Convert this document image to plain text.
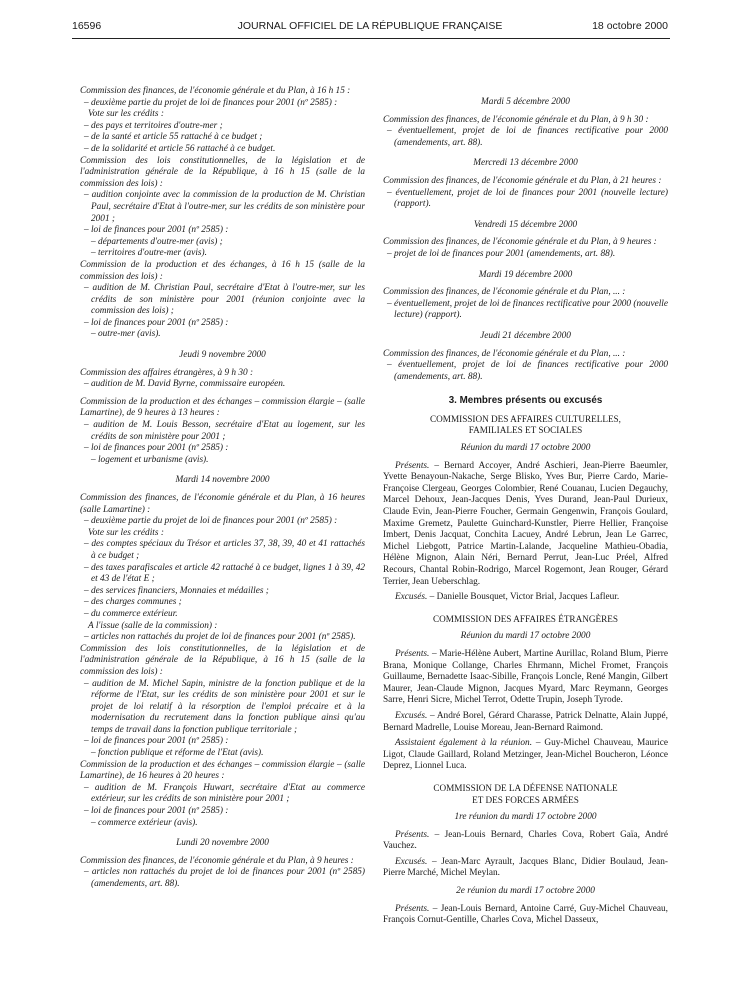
16596	JOURNAL OFFICIEL DE LA RÉPUBLIQUE FRANÇAISE	18 octobre 2000

Commission des finances, de l'économie générale et du Plan, à 16 h 15 :

– deuxième partie du projet de loi de finances pour 2001 (nº 2585) :

Vote sur les crédits :

– des pays et territoires d'outre-mer ;

– de la santé et article 55 rattaché à ce budget ;

– de la solidarité et article 56 rattaché à ce budget.

Commission des lois constitutionnelles, de la législation et de l'administration générale de la République, à 16 h 15 (salle de la commission des lois) :

– audition conjointe avec la commission de la production de M. Christian Paul, secrétaire d'Etat à l'outre-mer, sur les crédits de son ministère pour 2001 ;

– loi de finances pour 2001 (nº 2585) :

– départements d'outre-mer (avis) ;

– territoires d'outre-mer (avis).

Commission de la production et des échanges, à 16 h 15 (salle de la commission des lois) :

– audition de M. Christian Paul, secrétaire d'Etat à l'outre-mer, sur les crédits de son ministère pour 2001 (réunion conjointe avec la commission des lois) ;

– loi de finances pour 2001 (nº 2585) :

– outre-mer (avis).

Jeudi 9 novembre 2000

Commission des affaires étrangères, à 9 h 30 :

– audition de M. David Byrne, commissaire européen.

Commission de la production et des échanges – commission élargie – (salle Lamartine), de 9 heures à 13 heures :

– audition de M. Louis Besson, secrétaire d'Etat au logement, sur les crédits de son ministère pour 2001 ;

– loi de finances pour 2001 (nº 2585) :

– logement et urbanisme (avis).

Mardi 14 novembre 2000

Commission des finances, de l'économie générale et du Plan, à 16 heures (salle Lamartine) :

– deuxième partie du projet de loi de finances pour 2001 (nº 2585) :

Vote sur les crédits :

– des comptes spéciaux du Trésor et articles 37, 38, 39, 40 et 41 rattachés à ce budget ;

– des taxes parafiscales et article 42 rattaché à ce budget, lignes 1 à 39, 42 et 43 de l'état E ;

– des services financiers, Monnaies et médailles ;

– des charges communes ;

– du commerce extérieur.

A l'issue (salle de la commission) :

– articles non rattachés du projet de loi de finances pour 2001 (nº 2585).

Commission des lois constitutionnelles, de la législation et de l'administration générale de la République, à 16 h 15 (salle de la commission des lois) :

– audition de M. Michel Sapin, ministre de la fonction publique et de la réforme de l'Etat, sur les crédits de son ministère pour 2001 et sur le projet de loi relatif à la résorption de l'emploi précaire et à la modernisation du recrutement dans la fonction publique ainsi qu'au temps de travail dans la fonction publique territoriale ;

– loi de finances pour 2001 (nº 2585) :

– fonction publique et réforme de l'Etat (avis).

Commission de la production et des échanges – commission élargie – (salle Lamartine), de 16 heures à 20 heures :

– audition de M. François Huwart, secrétaire d'Etat au commerce extérieur, sur les crédits de son ministère pour 2001 ;

– loi de finances pour 2001 (nº 2585) :

– commerce extérieur (avis).

Lundi 20 novembre 2000

Commission des finances, de l'économie générale et du Plan, à 9 heures :

– articles non rattachés du projet de loi de finances pour 2001 (nº 2585) (amendements, art. 88).

Mardi 5 décembre 2000

Commission des finances, de l'économie générale et du Plan, à 9 h 30 :

– éventuellement, projet de loi de finances rectificative pour 2000 (amendements, art. 88).

Mercredi 13 décembre 2000

Commission des finances, de l'économie générale et du Plan, à 21 heures :

– éventuellement, projet de loi de finances pour 2001 (nouvelle lecture) (rapport).

Vendredi 15 décembre 2000

Commission des finances, de l'économie générale et du Plan, à 9 heures :

– projet de loi de finances pour 2001 (amendements, art. 88).

Mardi 19 décembre 2000

Commission des finances, de l'économie générale et du Plan, ... :

– éventuellement, projet de loi de finances rectificative pour 2000 (nouvelle lecture) (rapport).

Jeudi 21 décembre 2000

Commission des finances, de l'économie générale et du Plan, ... :

– éventuellement, projet de loi de finances rectificative pour 2000 (amendements, art. 88).

3. Membres présents ou excusés

COMMISSION DES AFFAIRES CULTURELLES,
FAMILIALES ET SOCIALES

Réunion du mardi 17 octobre 2000

Présents. – Bernard Accoyer, André Aschieri, Jean-Pierre Baeumler, Yvette Benayoun-Nakache, Serge Blisko, Yves Bur, Pierre Cardo, Marie-Françoise Clergeau, Georges Colombier, René Couanau, Lucien Degauchy, Marcel Dehoux, Jean-Jacques Denis, Yves Durand, Jean-Paul Durieux, Claude Evin, Jean-Pierre Foucher, Germain Gengenwin, François Goulard, Maxime Gremetz, Paulette Guinchard-Kunstler, Pierre Hellier, Françoise Imbert, Denis Jacquat, Conchita Lacuey, André Lebrun, Jean Le Garrec, Michel Liebgott, Patrice Martin-Lalande, Jacqueline Mathieu-Obadia, Hélène Mignon, Alain Néri, Bernard Perrut, Jean-Luc Préel, Alfred Recours, Chantal Robin-Rodrigo, Marcel Rogemont, Jean Rouger, Gérard Terrier, Jean Ueberschlag.

Excusés. – Danielle Bousquet, Victor Brial, Jacques Lafleur.

COMMISSION DES AFFAIRES ÉTRANGÈRES

Réunion du mardi 17 octobre 2000

Présents. – Marie-Hélène Aubert, Martine Aurillac, Roland Blum, Pierre Brana, Monique Collange, Charles Ehrmann, Michel Fromet, François Guillaume, Bernadette Isaac-Sibille, François Loncle, René Mangin, Gilbert Maurer, Jean-Claude Mignon, Jacques Myard, Marc Reymann, Georges Sarre, Henri Sicre, Michel Terrot, Odette Trupin, Joseph Tyrode.

Excusés. – André Borel, Gérard Charasse, Patrick Delnatte, Alain Juppé, Bernard Madrelle, Louise Moreau, Jean-Bernard Raimond.

Assistaient également à la réunion. – Guy-Michel Chauveau, Maurice Ligot, Claude Gaillard, Roland Metzinger, Jean-Michel Boucheron, Léonce Deprez, Lionnel Luca.

COMMISSION DE LA DÉFENSE NATIONALE
ET DES FORCES ARMÉES

1re réunion du mardi 17 octobre 2000

Présents. – Jean-Louis Bernard, Charles Cova, Robert Gaïa, André Vauchez.

Excusés. – Jean-Marc Ayrault, Jacques Blanc, Didier Boulaud, Jean-Pierre Marché, Michel Meylan.

2e réunion du mardi 17 octobre 2000

Présents. – Jean-Louis Bernard, Antoine Carré, Guy-Michel Chauveau, François Cornut-Gentille, Charles Cova, Michel Dasseux,
